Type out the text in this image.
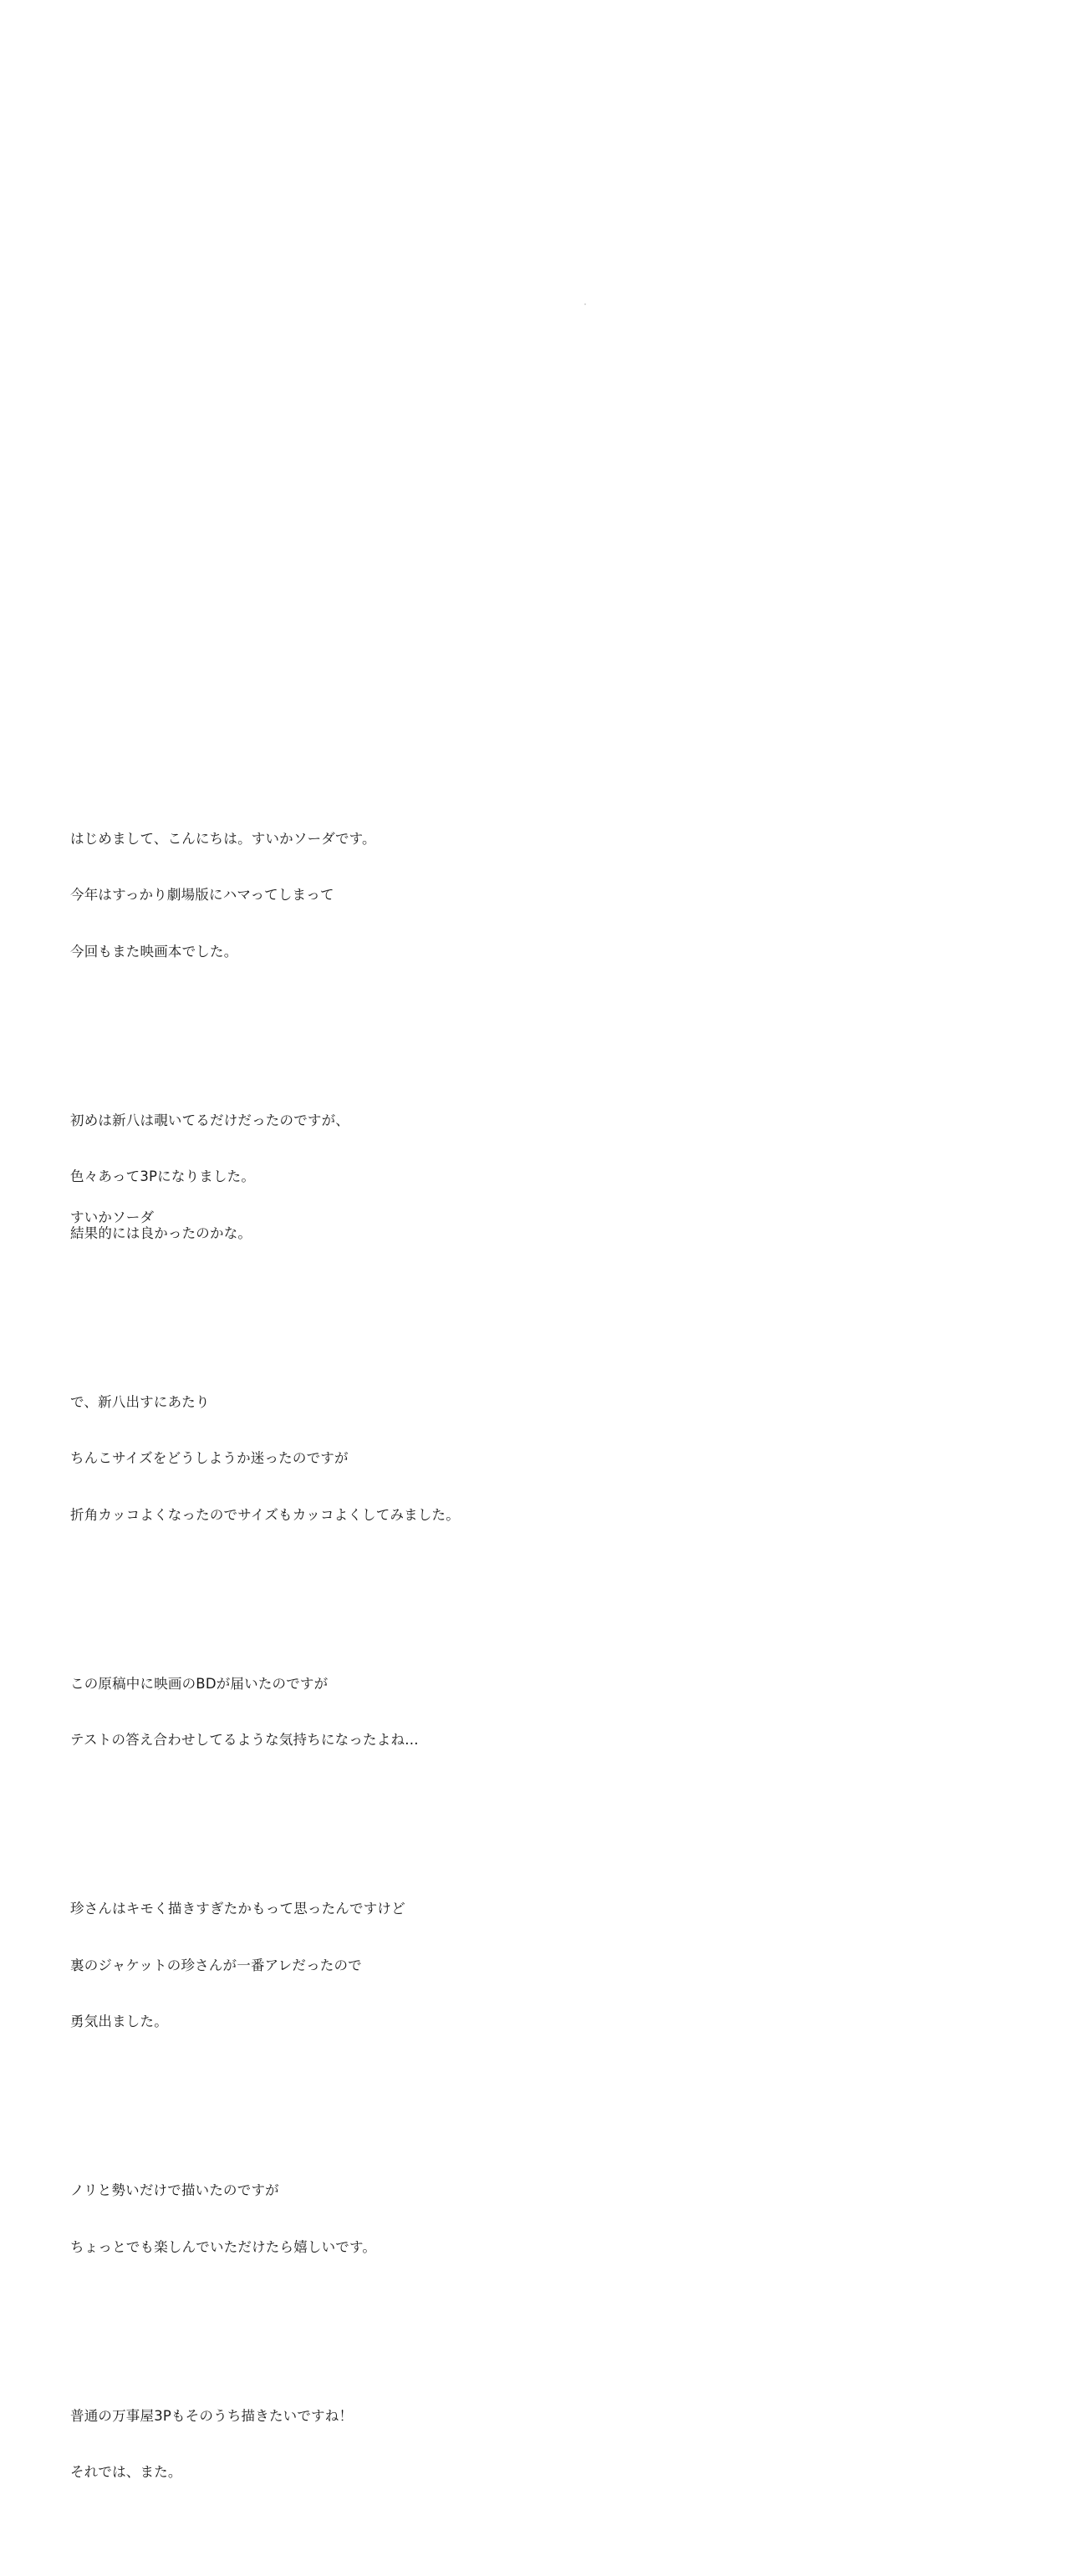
はじめまして、こんにちは。すいかソーダです。

今年はすっかり劇場版にハマってしまって

今回もまた映画本でした。

初めは新八は覗いてるだけだったのですが、

色々あって3Pになりました。

結果的には良かったのかな。

で、新八出すにあたり

ちんこサイズをどうしようか迷ったのですが

折角カッコよくなったのでサイズもカッコよくしてみました。

この原稿中に映画のBDが届いたのですが

テストの答え合わせしてるような気持ちになったよね…

珍さんはキモく描きすぎたかもって思ったんですけど

裏のジャケットの珍さんが一番アレだったので

勇気出ました。

ノリと勢いだけで描いたのですが

ちょっとでも楽しんでいただけたら嬉しいです。

普通の万事屋3Pもそのうち描きたいですね！

それでは、また。

すいかソーダ
